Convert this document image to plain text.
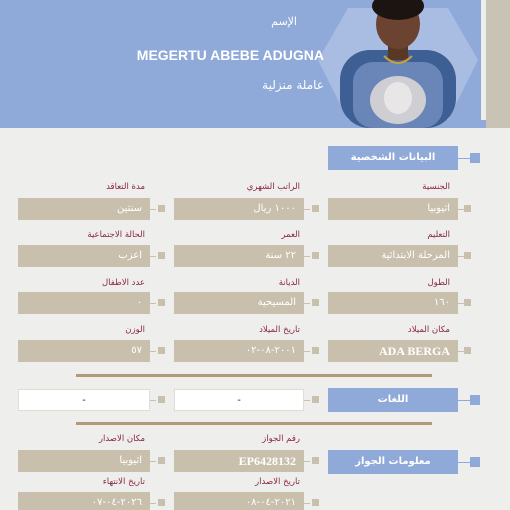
الإسم
MEGERTU ABEBE ADUGNA
عاملة منزلية
البيانات الشخصية
الجنسية
اثيوبيا
الراتب الشهري
١٠٠٠ ريال
مدة التعاقد
سنتين
التعليم
المرحلة الابتدائية
العمر
٢٢ سنة
الحالة الاجتماعية
اعزب
الطول
١٦٠
الديانة
المسيحية
عدد الاطفال
٠
مكان الميلاد
ADA BERGA
تاريخ الميلاد
٢٠٠١-٠٨-٠٢
الوزن
٥٧
اللغات
-
-
معلومات الجواز
رقم الجواز
EP6428132
مكان الاصدار
اثيوبيا
تاريخ الاصدار
٢٠٢١-٠٤-٠٨
تاريخ الانتهاء
٢٠٢٦-٠٤-٠٧
